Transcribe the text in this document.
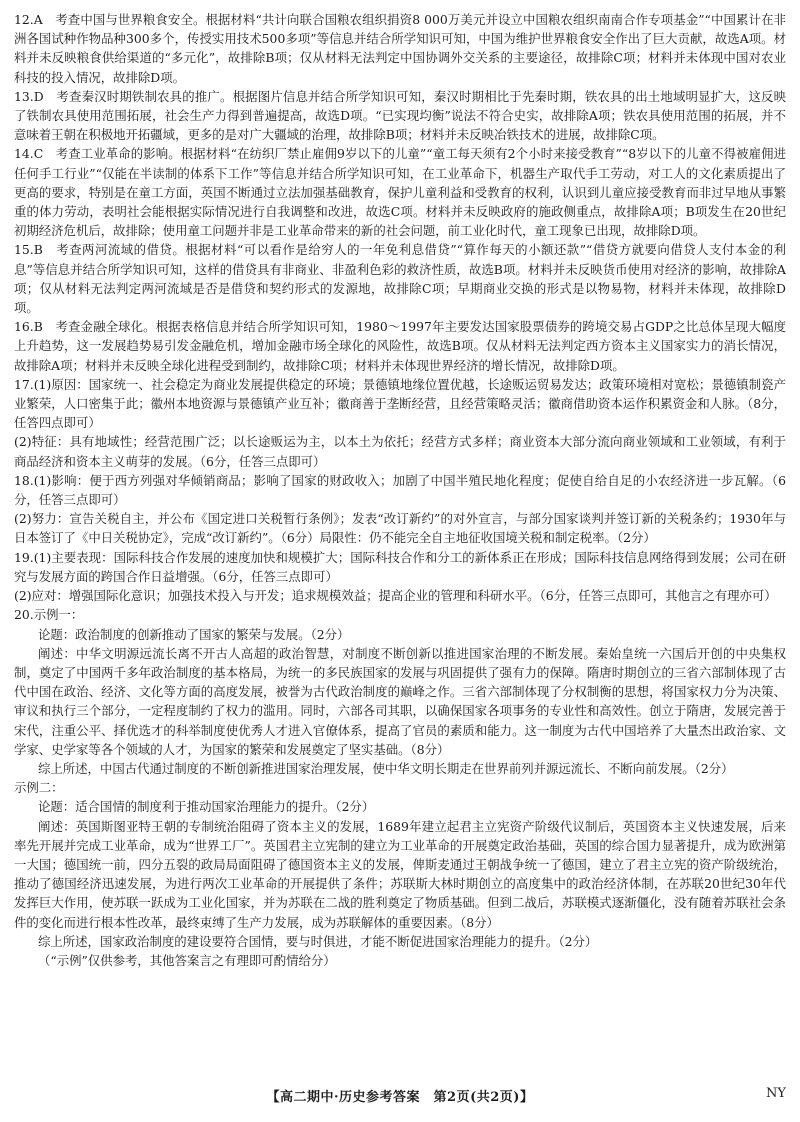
12.A　考查中国与世界粮食安全。根据材料“共计向联合国粮农组织捐资8 000万美元并设立中国粮农组织南南合作专项基金”“中国累计在非洲各国试种作物品种300多个，传授实用技术500多项”等信息并结合所学知识可知，中国为维护世界粮食安全作出了巨大贡献，故选A项。材料并未反映粮食供给渠道的“多元化”，故排除B项；仅从材料无法判定中国协调外交关系的主要途径，故排除C项；材料并未体现中国对农业科技的投入情况，故排除D项。

13.D　考查秦汉时期铁制农具的推广。根据图片信息并结合所学知识可知，秦汉时期相比于先秦时期，铁农具的出土地域明显扩大，这反映了铁制农具使用范围拓展，社会生产力得到普遍提高，故选D项。“已实现均衡”说法不符合史实，故排除A项；铁农具使用范围的拓展，并不意味着王朝在积极地开拓疆域，更多的是对广大疆域的治理，故排除B项；材料并未反映冶铁技术的进展，故排除C项。

14.C　考查工业革命的影响。根据材料“在纺织厂禁止雇佣9岁以下的儿童”“童工每天须有2个小时来接受教育”“8岁以下的儿童不得被雇佣进任何手工行业”“仅能在半读制的体系下工作”等信息并结合所学知识可知，在工业革命下，机器生产取代手工劳动，对工人的文化素质提出了更高的要求，特别是在童工方面，英国不断通过立法加强基础教育，保护儿童利益和受教育的权利，认识到儿童应接受教育而非过早地从事繁重的体力劳动，表明社会能根据实际情况进行自我调整和改进，故选C项。材料并未反映政府的施政侧重点，故排除A项；B项发生在20世纪初期经济危机后，故排除；使用童工问题并非是工业革命带来的新的社会问题，前工业化时代，童工现象已出现，故排除D项。

15.B　考查两河流域的借贷。根据材料“可以看作是给穷人的一年免利息借贷”“算作每天的小额还款”“借贷方就要向借贷人支付本金的利息”等信息并结合所学知识可知，这样的借贷具有非商业、非盈利色彩的救济性质，故选B项。材料并未反映货币使用对经济的影响，故排除A项；仅从材料无法判定两河流域是否是借贷和契约形式的发源地，故排除C项；早期商业交换的形式是以物易物，材料并未体现，故排除D项。

16.B　考查金融全球化。根据表格信息并结合所学知识可知，1980～1997年主要发达国家股票债券的跨境交易占GDP之比总体呈现大幅度上升趋势，这一发展趋势易引发金融危机，增加金融市场全球化的风险性，故选B项。仅从材料无法判定西方资本主义国家实力的消长情况，故排除A项；材料并未反映全球化进程受到制约，故排除C项；材料并未体现世界经济的增长情况，故排除D项。

17.(1)原因：国家统一、社会稳定为商业发展提供稳定的环境；景德镇地缘位置优越，长途贩运贸易发达；政策环境相对宽松；景德镇制瓷产业繁荣，人口密集于此；徽州本地资源与景德镇产业互补；徽商善于垄断经营，且经营策略灵活；徽商借助资本运作积累资金和人脉。（8分，任答四点即可）

(2)特征：具有地域性；经营范围广泛；以长途贩运为主，以本土为依托；经营方式多样；商业资本大部分流向商业领域和工业领域，有利于商品经济和资本主义萌芽的发展。（6分，任答三点即可）

18.(1)影响：便于西方列强对华倾销商品；影响了国家的财政收入；加剧了中国半殖民地化程度；促使自给自足的小农经济进一步瓦解。（6分，任答三点即可）

(2)努力：宣告关税自主，并公布《国定进口关税暂行条例》；发表“改订新约”的对外宣言，与部分国家谈判并签订新的关税条约；1930年与日本签订了《中日关税协定》，完成“改订新约”。（6分）局限性：仍不能完全自主地征收国境关税和制定税率。（2分）

19.(1)主要表现：国际科技合作发展的速度加快和规模扩大；国际科技合作和分工的新体系正在形成；国际科技信息网络得到发展；公司在研究与发展方面的跨国合作日益增强。（6分，任答三点即可）

(2)应对：增强国际化意识；加强技术投入与开发；追求规模效益；提高企业的管理和科研水平。（6分，任答三点即可，其他言之有理亦可）

20.示例一：

论题：政治制度的创新推动了国家的繁荣与发展。（2分）

阐述：中华文明源远流长离不开古人高超的政治智慧，对制度不断创新以推进国家治理的不断发展。秦始皇统一六国后开创的中央集权制，奠定了中国两千多年政治制度的基本格局，为统一的多民族国家的发展与巩固提供了强有力的保障。隋唐时期创立的三省六部制体现了古代中国在政治、经济、文化等方面的高度发展，被誉为古代政治制度的巅峰之作。三省六部制体现了分权制衡的思想，将国家权力分为决策、审议和执行三个部分，一定程度制约了权力的滥用。同时，六部各司其职，以确保国家各项事务的专业性和高效性。创立于隋唐，发展完善于宋代，注重公平、择优选才的科举制度使优秀人才进入官僚体系，提高了官员的素质和能力。这一制度为古代中国培养了大量杰出政治家、文学家、史学家等各个领域的人才，为国家的繁荣和发展奠定了坚实基础。（8分）

综上所述，中国古代通过制度的不断创新推进国家治理发展，使中华文明长期走在世界前列并源远流长、不断向前发展。（2分）

示例二：

论题：适合国情的制度利于推动国家治理能力的提升。（2分）

阐述：英国斯图亚特王朝的专制统治阻碍了资本主义的发展，1689年建立起君主立宪资产阶级代议制后，英国资本主义快速发展，后来率先开展并完成工业革命，成为“世界工厂”。英国君主立宪制的建立为工业革命的开展奠定政治基础，英国的综合国力显著提升，成为欧洲第一大国；德国统一前，四分五裂的政局局面阻碍了德国资本主义的发展，俾斯麦通过王朝战争统一了德国，建立了君主立宪的资产阶级统治，推动了德国经济迅速发展，为进行两次工业革命的开展提供了条件；苏联斯大林时期创立的高度集中的政治经济体制，在苏联20世纪30年代发挥巨大作用，使苏联一跃成为工业化国家，并为苏联在二战的胜利奠定了物质基础。但到二战后，苏联模式逐渐僵化，没有随着苏联社会条件的变化而进行根本性改革，最终束缚了生产力发展，成为苏联解体的重要因素。（8分）

综上所述，国家政治制度的建设要符合国情，要与时俱进，才能不断促进国家治理能力的提升。（2分）

（“示例”仅供参考，其他答案言之有理即可酌情给分）

【高二期中·历史参考答案　第2页(共2页)】	NY
